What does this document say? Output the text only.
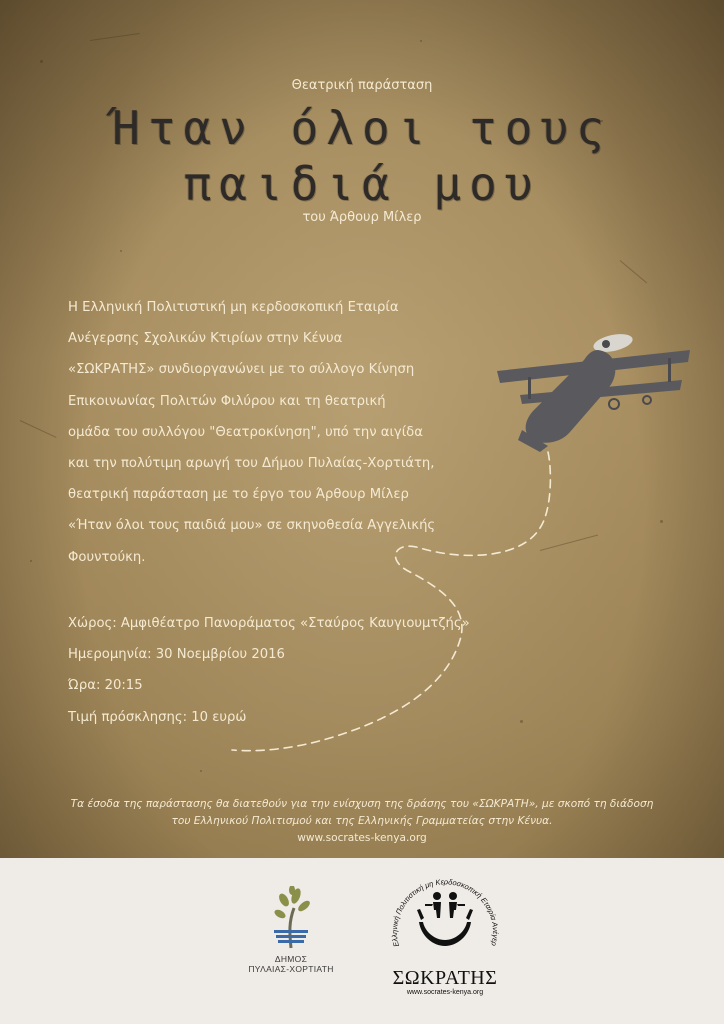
Θεατρική παράσταση
Ήταν όλοι τους
παιδιά μου
του Άρθουρ Μίλερ
Η Ελληνική Πολιτιστική μη κερδοσκοπική Εταιρία
Ανέγερσης Σχολικών Κτιρίων στην Κένυα
«ΣΩΚΡΑΤΗΣ» συνδιοργανώνει με το σύλλογο Κίνηση
Επικοινωνίας Πολιτών Φιλύρου και τη θεατρική
ομάδα του συλλόγου "Θεατροκίνηση", υπό την αιγίδα
και την πολύτιμη αρωγή του Δήμου Πυλαίας-Χορτιάτη,
θεατρική παράσταση με το έργο του Άρθουρ Μίλερ
«Ήταν όλοι τους παιδιά μου» σε σκηνοθεσία Αγγελικής
Φουντούκη.
Χώρος: Αμφιθέατρο Πανοράματος «Σταύρος Καυγιουμτζής»
Ημερομηνία: 30 Νοεμβρίου 2016
Ώρα: 20:15
Τιμή πρόσκλησης: 10 ευρώ
Τα έσοδα της παράστασης θα διατεθούν για την ενίσχυση της δράσης του «ΣΩΚΡΑΤΗ», με σκοπό τη διάδοση
του Ελληνικού Πολιτισμού και της Ελληνικής Γραμματείας στην Κένυα.
www.socrates-kenya.org
ΔΗΜΟΣ
ΠΥΛΑΙΑΣ-ΧΟΡΤΙΑΤΗ
Ελληνική Πολιτιστική μη Κερδοσκοπική Εταιρία Ανέγερ
ΣΩΚΡΑΤΗΣ
www.socrates-kenya.org
